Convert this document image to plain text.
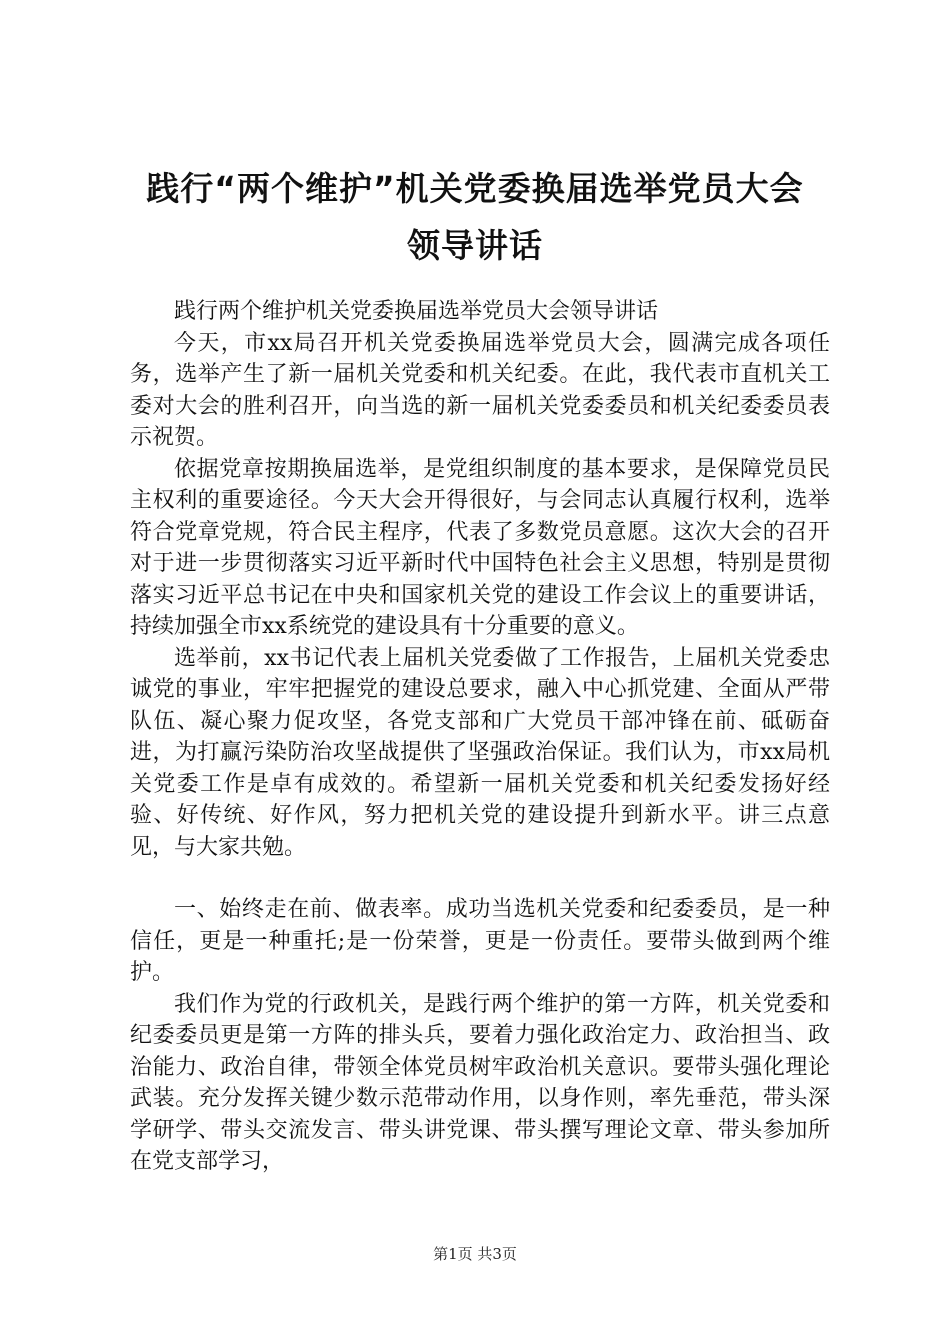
践行“两个维护”机关党委换届选举党员大会
领导讲话

践行两个维护机关党委换届选举党员大会领导讲话

今天，市xx局召开机关党委换届选举党员大会，圆满完成各项任务，选举产生了新一届机关党委和机关纪委。在此，我代表市直机关工委对大会的胜利召开，向当选的新一届机关党委委员和机关纪委委员表示祝贺。

依据党章按期换届选举，是党组织制度的基本要求，是保障党员民主权利的重要途径。今天大会开得很好，与会同志认真履行权利，选举符合党章党规，符合民主程序，代表了多数党员意愿。这次大会的召开对于进一步贯彻落实习近平新时代中国特色社会主义思想，特别是贯彻落实习近平总书记在中央和国家机关党的建设工作会议上的重要讲话，持续加强全市xx系统党的建设具有十分重要的意义。

选举前，xx书记代表上届机关党委做了工作报告，上届机关党委忠诚党的事业，牢牢把握党的建设总要求，融入中心抓党建、全面从严带队伍、凝心聚力促攻坚，各党支部和广大党员干部冲锋在前、砥砺奋进，为打赢污染防治攻坚战提供了坚强政治保证。我们认为，市xx局机关党委工作是卓有成效的。希望新一届机关党委和机关纪委发扬好经验、好传统、好作风，努力把机关党的建设提升到新水平。讲三点意见，与大家共勉。

一、始终走在前、做表率。成功当选机关党委和纪委委员，是一种信任，更是一种重托;是一份荣誉，更是一份责任。要带头做到两个维护。

我们作为党的行政机关，是践行两个维护的第一方阵，机关党委和纪委委员更是第一方阵的排头兵，要着力强化政治定力、政治担当、政治能力、政治自律，带领全体党员树牢政治机关意识。要带头强化理论武装。充分发挥关键少数示范带动作用，以身作则，率先垂范，带头深学研学、带头交流发言、带头讲党课、带头撰写理论文章、带头参加所在党支部学习，

第1页 共3页
